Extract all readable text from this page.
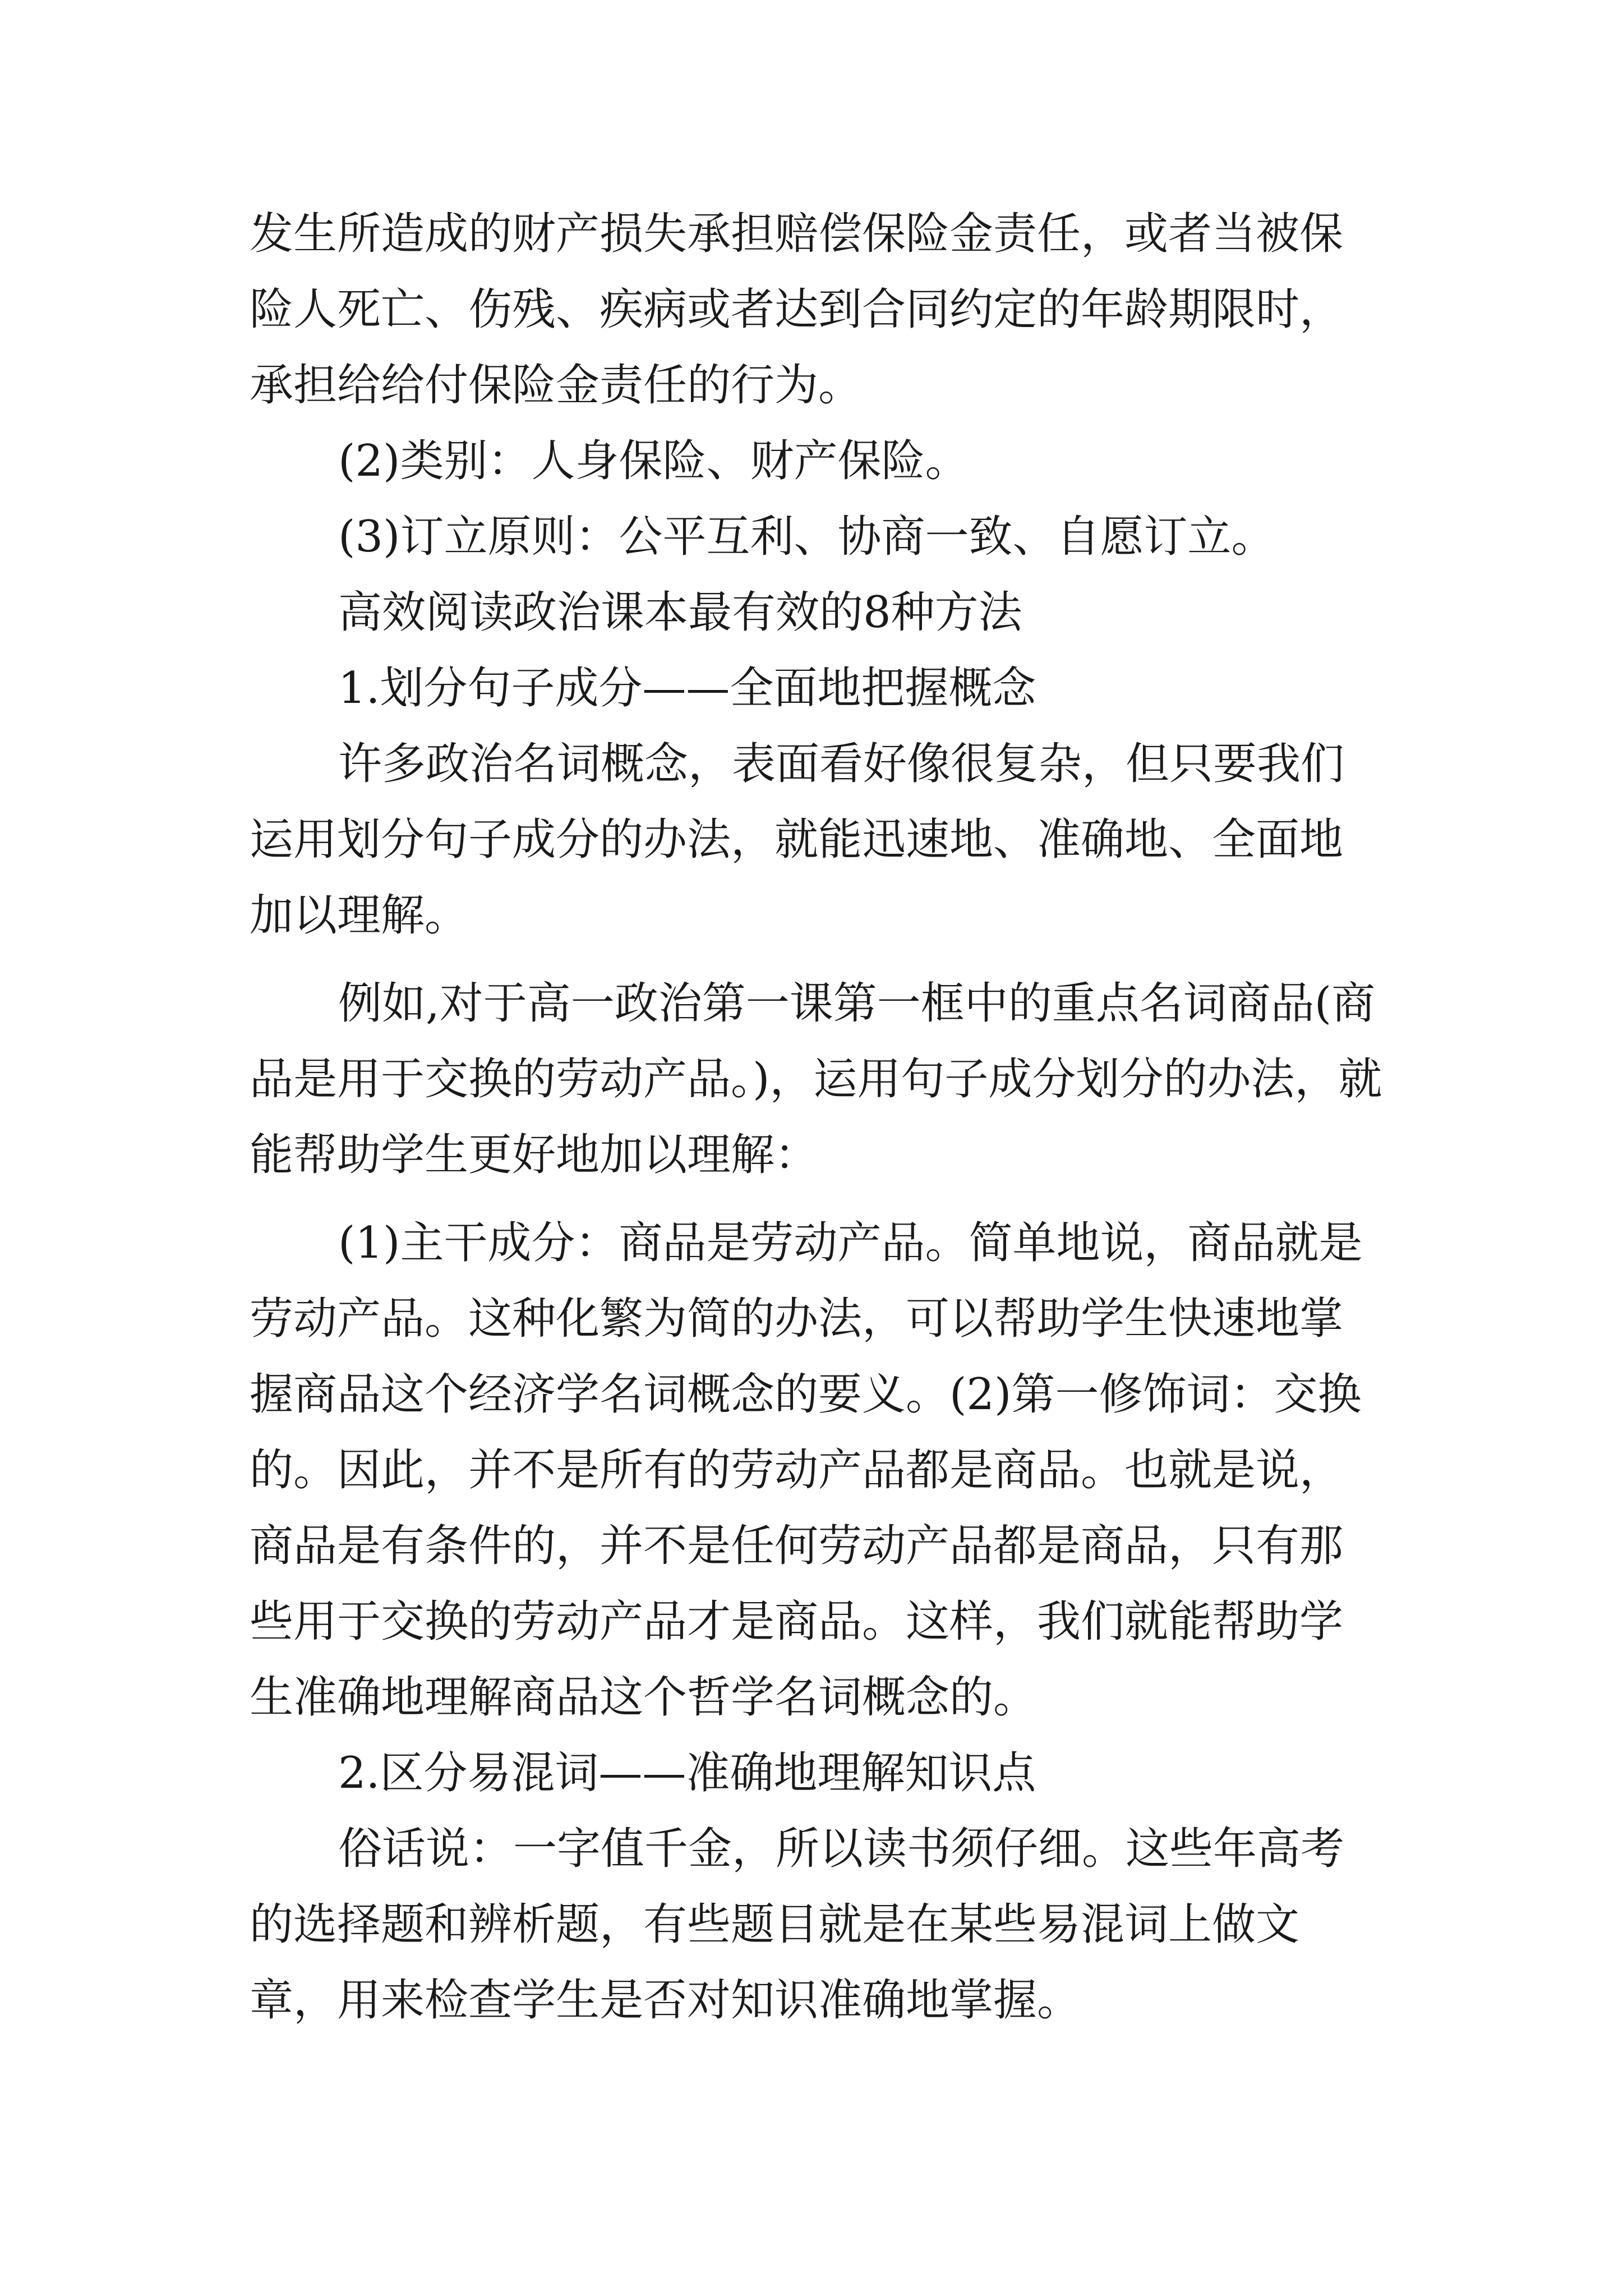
发生所造成的财产损失承担赔偿保险金责任，或者当被保险人死亡、伤残、疾病或者达到合同约定的年龄期限时，承担给给付保险金责任的行为。

(2)类别：人身保险、财产保险。

(3)订立原则：公平互利、协商一致、自愿订立。

高效阅读政治课本最有效的8种方法

1.划分句子成分——全面地把握概念

许多政治名词概念，表面看好像很复杂，但只要我们运用划分句子成分的办法，就能迅速地、准确地、全面地加以理解。

例如,对于高一政治第一课第一框中的重点名词商品(商品是用于交换的劳动产品。)，运用句子成分划分的办法，就能帮助学生更好地加以理解：

(1)主干成分：商品是劳动产品。简单地说，商品就是劳动产品。这种化繁为简的办法，可以帮助学生快速地掌握商品这个经济学名词概念的要义。(2)第一修饰词：交换的。因此，并不是所有的劳动产品都是商品。也就是说，商品是有条件的，并不是任何劳动产品都是商品，只有那些用于交换的劳动产品才是商品。这样，我们就能帮助学生准确地理解商品这个哲学名词概念的。

2.区分易混词——准确地理解知识点

俗话说：一字值千金，所以读书须仔细。这些年高考的选择题和辨析题，有些题目就是在某些易混词上做文章，用来检查学生是否对知识准确地掌握。
